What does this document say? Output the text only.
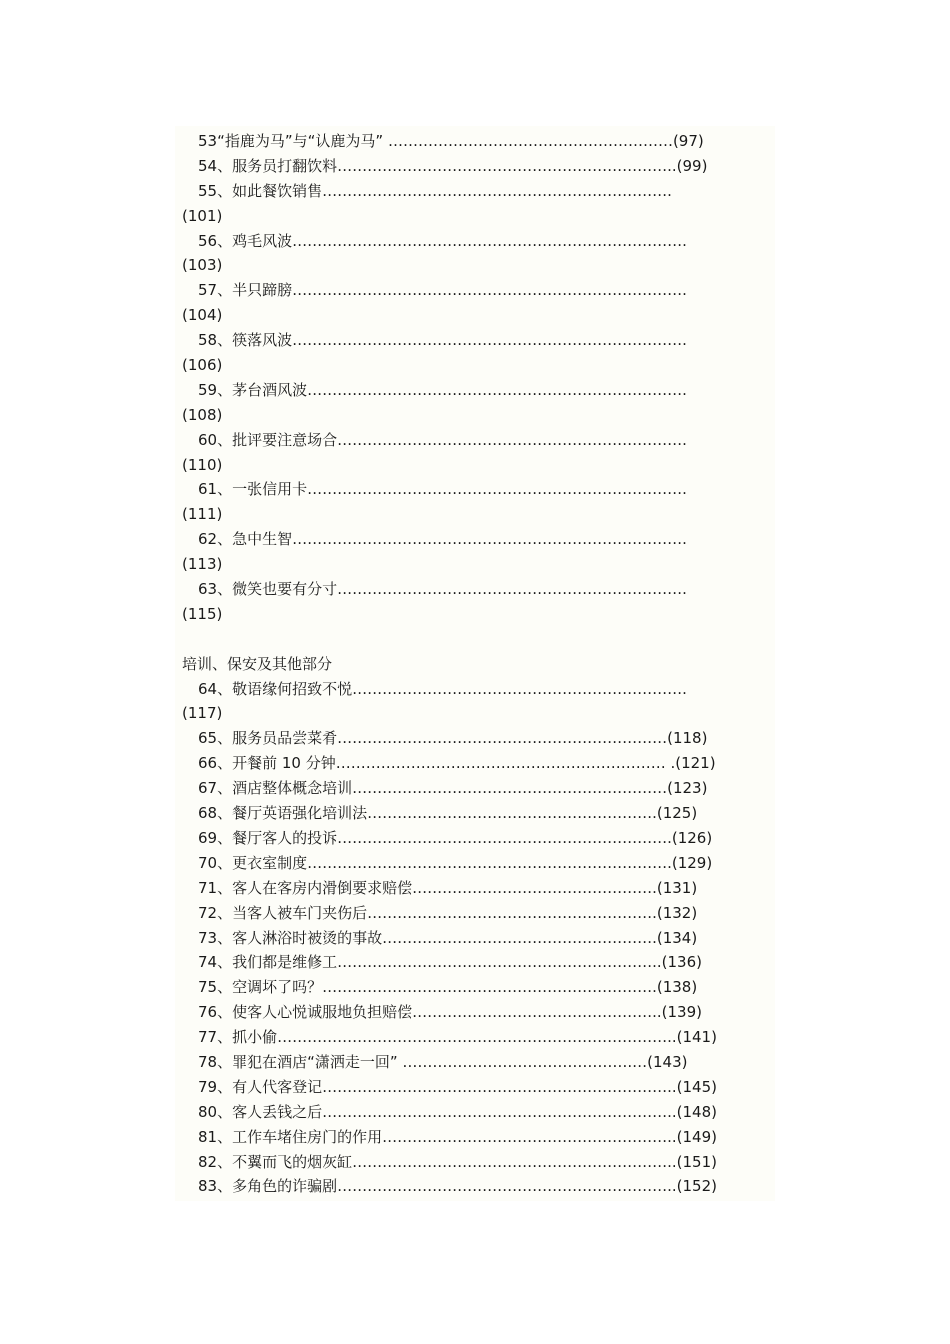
53“指鹿为马”与“认鹿为马” …………………………………………………(97)
54、服务员打翻饮料…………………………………………………………..(99)
55、如此餐饮销售…………………………………………………………….
(101)
56、鸡毛风波…………………………………………………………………….
(103)
57、半只蹄膀…………………………………………………………………….
(104)
58、筷落风波…………………………………………………………………….
(106)
59、茅台酒风波………………………………………………………………….
(108)
60、批评要注意场合…………………………………………………………….
(110)
61、一张信用卡………………………………………………………………….
(111)
62、急中生智…………………………………………………………………….
(113)
63、微笑也要有分寸…………………………………………………………….
(115)
培训、保安及其他部分
64、敬语缘何招致不悦………………………………………………………….
(117)
65、服务员品尝菜肴…………………………………………………………(118)
66、开餐前 10 分钟………………………………………………………… .(121)
67、酒店整体概念培训………………………………………………………(123)
68、餐厅英语强化培训法………………………………………………….(125)
69、餐厅客人的投诉………………………………………………………….(126)
70、更衣室制度……………………………………………………………….(129)
71、客人在客房内滑倒要求赔偿………………………………………….(131)
72、当客人被车门夹伤后………………………………………………….(132)
73、客人淋浴时被烫的事故……………………………………………….(134)
74、我们都是维修工………………………………………………………..(136)
75、空调坏了吗？………………………………………………………….(138)
76、使客人心悦诚服地负担赔偿…………………………………………..(139)
77、抓小偷……………………………………………………………………..(141)
78、罪犯在酒店“潇洒走一回” ……………………………………….…(143)
79、有人代客登记……………………………………………………………..(145)
80、客人丢钱之后……………………………………………………………..(148)
81、工作车堵住房门的作用…………………………………………………..(149)
82、不翼而飞的烟灰缸………………………………………………………..(151)
83、多角色的诈骗剧…………………………………………………………..(152)
